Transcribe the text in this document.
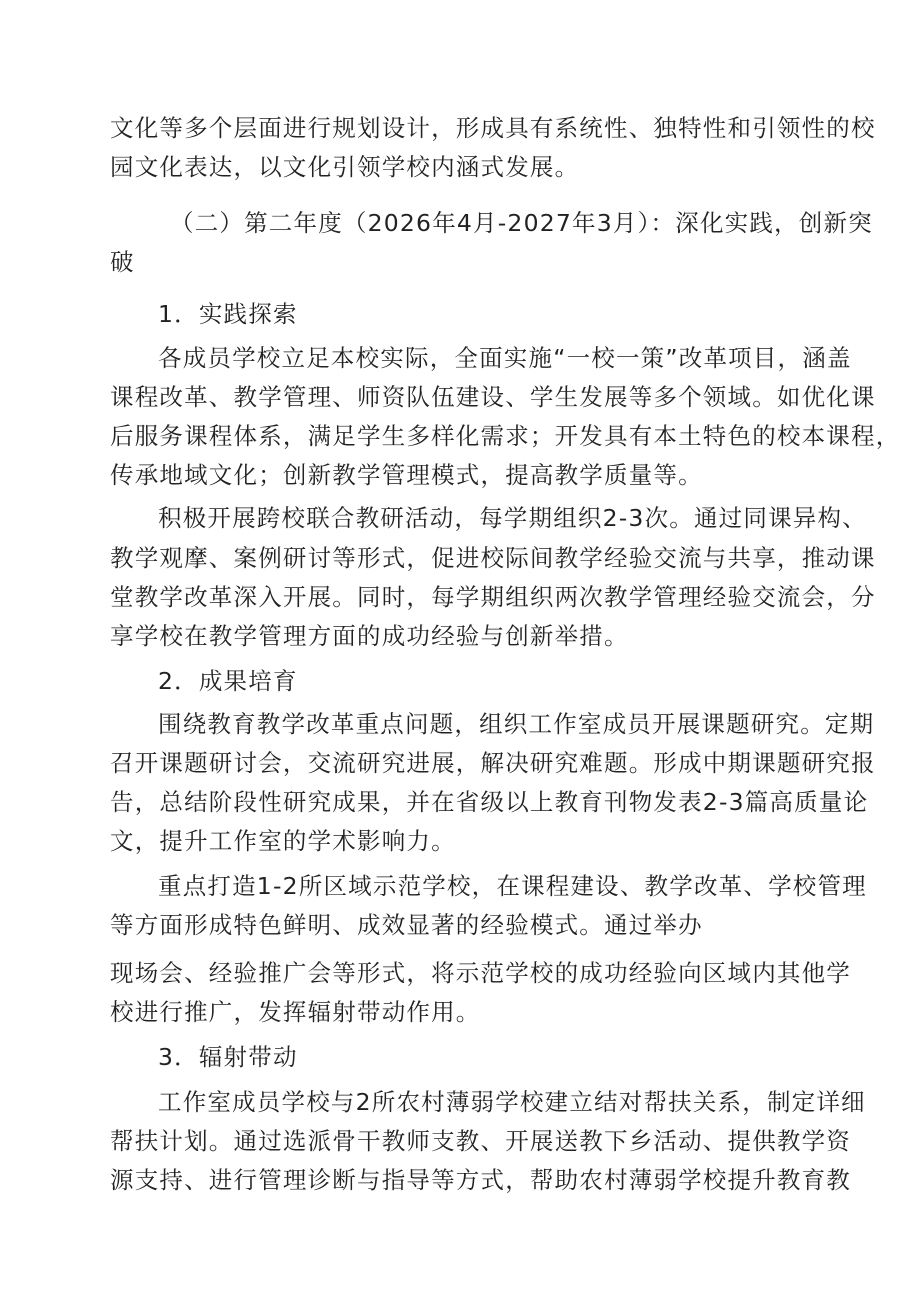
文化等多个层面进行规划设计，形成具有系统性、独特性和引领性的校
园文化表达，以文化引领学校内涵式发展。
（二）第二年度（2026年4月-2027年3月）：深化实践，创新突
破
1．实践探索
各成员学校立足本校实际，全面实施“一校一策”改革项目，涵盖
课程改革、教学管理、师资队伍建设、学生发展等多个领域。如优化课
后服务课程体系，满足学生多样化需求；开发具有本土特色的校本课程，
传承地域文化；创新教学管理模式，提高教学质量等。
积极开展跨校联合教研活动，每学期组织2-3次。通过同课异构、
教学观摩、案例研讨等形式，促进校际间教学经验交流与共享，推动课
堂教学改革深入开展。同时，每学期组织两次教学管理经验交流会，分
享学校在教学管理方面的成功经验与创新举措。
2．成果培育
围绕教育教学改革重点问题，组织工作室成员开展课题研究。定期
召开课题研讨会，交流研究进展，解决研究难题。形成中期课题研究报
告，总结阶段性研究成果，并在省级以上教育刊物发表2-3篇高质量论
文，提升工作室的学术影响力。
重点打造1-2所区域示范学校，在课程建设、教学改革、学校管理
等方面形成特色鲜明、成效显著的经验模式。通过举办
现场会、经验推广会等形式，将示范学校的成功经验向区域内其他学
校进行推广，发挥辐射带动作用。
3．辐射带动
工作室成员学校与2所农村薄弱学校建立结对帮扶关系，制定详细
帮扶计划。通过选派骨干教师支教、开展送教下乡活动、提供教学资
源支持、进行管理诊断与指导等方式，帮助农村薄弱学校提升教育教
